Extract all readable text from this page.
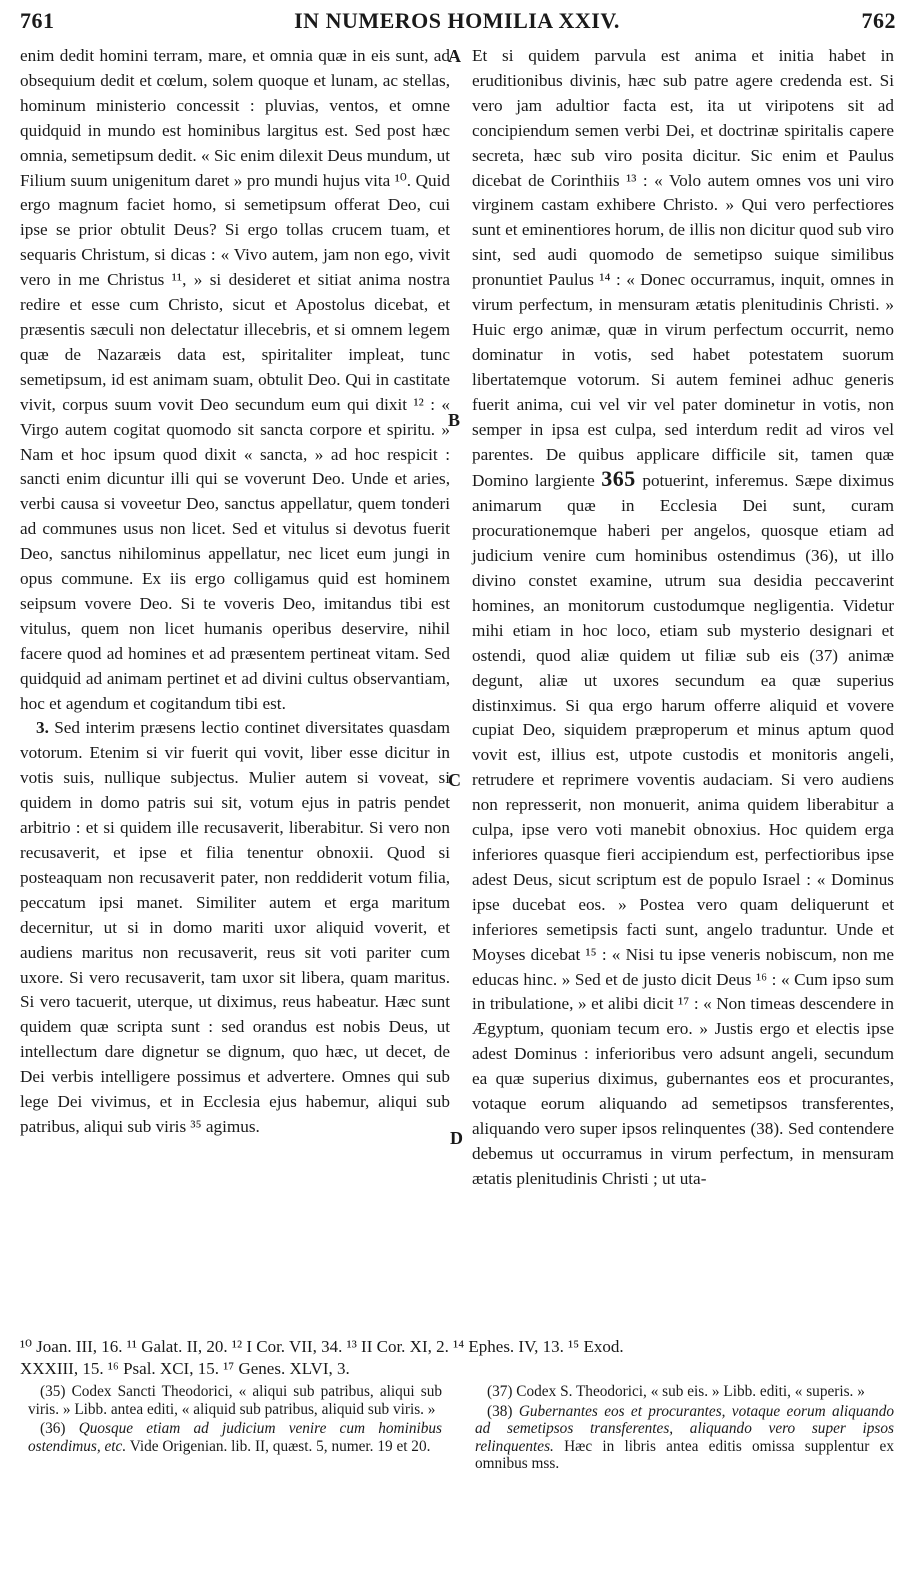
IN NUMEROS HOMILIA XXIV.
761	762
A
B
C
D

enim dedit homini terram, mare, et omnia quæ in eis sunt, ad obsequium dedit et cœlum, solem quoque et lunam, ac stellas, hominum ministerio concessit : pluvias, ventos, et omne quidquid in mundo est hominibus largitus est. Sed post hæc omnia, semetipsum dedit. « Sic enim dilexit Deus mundum, ut Filium suum unigenitum daret » pro mundi hujus vita ¹⁰. Quid ergo magnum faciet homo, si semetipsum offerat Deo, cui ipse se prior obtulit Deus? Si ergo tollas crucem tuam, et sequaris Christum, si dicas : « Vivo autem, jam non ego, vivit vero in me Christus ¹¹, » si desideret et sitiat anima nostra redire et esse cum Christo, sicut et Apostolus dicebat, et præsentis sæculi non delectatur illecebris, et si omnem legem quæ de Nazaræis data est, spiritaliter impleat, tunc semetipsum, id est animam suam, obtulit Deo. Qui in castitate vivit, corpus suum vovit Deo secundum eum qui dixit ¹² : « Virgo autem cogitat quomodo sit sancta corpore et spiritu. » Nam et hoc ipsum quod dixit « sancta, » ad hoc respicit : sancti enim dicuntur illi qui se voverunt Deo. Unde et aries, verbi causa si voveetur Deo, sanctus appellatur, quem tonderi ad communes usus non licet. Sed et vitulus si devotus fuerit Deo, sanctus nihilominus appellatur, nec licet eum jungi in opus commune. Ex iis ergo colligamus quid est hominem seipsum vovere Deo. Si te voveris Deo, imitandus tibi est vitulus, quem non licet humanis operibus deservire, nihil facere quod ad homines et ad præsentem pertineat vitam. Sed quidquid ad animam pertinet et ad divini cultus observantiam, hoc et agendum et cogitandum tibi est.

3. Sed interim præsens lectio continet diversitates quasdam votorum. Etenim si vir fuerit qui vovit, liber esse dicitur in votis suis, nullique subjectus. Mulier autem si voveat, si quidem in domo patris sui sit, votum ejus in patris pendet arbitrio : et si quidem ille recusaverit, liberabitur. Si vero non recusaverit, et ipse et filia tenentur obnoxii. Quod si posteaquam non recusaverit pater, non reddiderit votum filia, peccatum ipsi manet. Similiter autem et erga maritum decernitur, ut si in domo mariti uxor aliquid voverit, et audiens maritus non recusaverit, reus sit voti pariter cum uxore. Si vero recusaverit, tam uxor sit libera, quam maritus. Si vero tacuerit, uterque, ut diximus, reus habeatur. Hæc sunt quidem quæ scripta sunt : sed orandus est nobis Deus, ut intellectum dare dignetur se dignum, quo hæc, ut decet, de Dei verbis intelligere possimus et advertere. Omnes qui sub lege Dei vivimus, et in Ecclesia ejus habemur, aliqui sub patribus, aliqui sub viris ³⁵ agimus.

Et si quidem parvula est anima et initia habet in eruditionibus divinis, hæc sub patre agere credenda est. Si vero jam adultior facta est, ita ut viripotens sit ad concipiendum semen verbi Dei, et doctrinæ spiritalis capere secreta, hæc sub viro posita dicitur. Sic enim et Paulus dicebat de Corinthiis ¹³ : « Volo autem omnes vos uni viro virginem castam exhibere Christo. » Qui vero perfectiores sunt et eminentiores horum, de illis non dicitur quod sub viro sint, sed audi quomodo de semetipso suique similibus pronuntiet Paulus ¹⁴ : « Donec occurramus, inquit, omnes in virum perfectum, in mensuram ætatis plenitudinis Christi. » Huic ergo animæ, quæ in virum perfectum occurrit, nemo dominatur in votis, sed habet potestatem suorum libertatemque votorum. Si autem feminei adhuc generis fuerit anima, cui vel vir vel pater dominetur in votis, non semper in ipsa est culpa, sed interdum redit ad viros vel parentes. De quibus applicare difficile sit, tamen quæ Domino largiente 365 potuerint, inferemus. Sæpe diximus animarum quæ in Ecclesia Dei sunt, curam procurationemque haberi per angelos, quosque etiam ad judicium venire cum hominibus ostendimus (36), ut illo divino constet examine, utrum sua desidia peccaverint homines, an monitorum custodumque negligentia. Videtur mihi etiam in hoc loco, etiam sub mysterio designari et ostendi, quod aliæ quidem ut filiæ sub eis (37) animæ degunt, aliæ ut uxores secundum ea quæ superius distinximus. Si qua ergo harum offerre aliquid et vovere cupiat Deo, siquidem præproperum et minus aptum quod vovit est, illius est, utpote custodis et monitoris angeli, retrudere et reprimere voventis audaciam. Si vero audiens non represserit, non monuerit, anima quidem liberabitur a culpa, ipse vero voti manebit obnoxius. Hoc quidem erga inferiores quasque fieri accipiendum est, perfectioribus ipse adest Deus, sicut scriptum est de populo Israel : « Dominus ipse ducebat eos. » Postea vero quam deliquerunt et inferiores semetipsis facti sunt, angelo traduntur. Unde et Moyses dicebat ¹⁵ : « Nisi tu ipse veneris nobiscum, non me educas hinc. » Sed et de justo dicit Deus ¹⁶ : « Cum ipso sum in tribulatione, » et alibi dicit ¹⁷ : « Non timeas descendere in Ægyptum, quoniam tecum ero. » Justis ergo et electis ipse adest Dominus : inferioribus vero adsunt angeli, secundum ea quæ superius diximus, gubernantes eos et procurantes, votaque eorum aliquando ad semetipsos transferentes, aliquando vero super ipsos relinquentes (38). Sed contendere debemus ut occurramus in virum perfectum, in mensuram ætatis plenitudinis Christi ; ut uta-

¹⁰ Joan. III, 16. ¹¹ Galat. II, 20. ¹² I Cor. VII, 34. ¹³ II Cor. XI, 2. ¹⁴ Ephes. IV, 13. ¹⁵ Exod.
XXXIII, 15. ¹⁶ Psal. XCI, 15. ¹⁷ Genes. XLVI, 3.

(35) Codex Sancti Theodorici, « aliqui sub patribus, aliqui sub viris. » Libb. antea editi, « aliquid sub patribus, aliquid sub viris. »

(36) Quosque etiam ad judicium venire cum hominibus ostendimus, etc. Vide Origenian. lib. II, quæst. 5, numer. 19 et 20.

(37) Codex S. Theodorici, « sub eis. » Libb. editi, « superis. »

(38) Gubernantes eos et procurantes, votaque eorum aliquando ad semetipsos transferentes, aliquando vero super ipsos relinquentes. Hæc in libris antea editis omissa supplentur ex omnibus mss.
